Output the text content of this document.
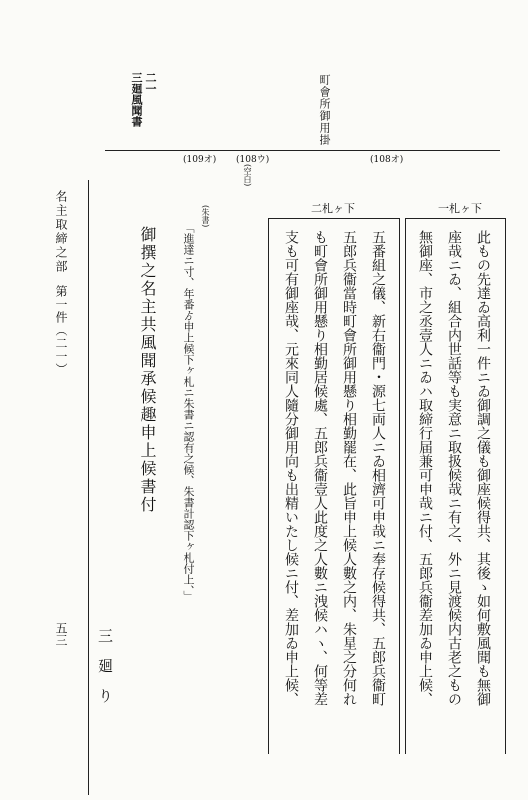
町會所御用掛
二一
三廻風聞書
(108オ)
(108ウ)
(109オ)
(空白)
一札ヶ下
二札ヶ下
此もの先達ゐ高利一件ニゐ御調之儀も御座候得共、其後ゝ如何敷風聞も無御
座哉ニゐ、組合内世話等も実意ニ取扱候哉ニ有之、外ニ見渡候内古老之もの
無御座、市之丞壹人ニゐハ取締行届兼可申哉ニ付、五郎兵衞差加ゐ申上候、
五番組之儀、新右衞門・源七両人ニゐ相濟可申哉ニ奉存候得共、五郎兵衞町
五郎兵衞當時町會所御用懸り相勤罷在、此旨申上候人數之内、朱星之分何れ
も町會所御用懸り相勤居候處、五郎兵衞壹人此度之人數ニ洩候ハヽ、何等差
支も可有御座哉、元來同人隨分御用向も出精いたし候ニ付、差加ゐ申上候、
(朱書)
「進達ニ寸、年番ゟ申上候下ヶ札ニ朱書ニ認有之候、朱書計認下ヶ札付上、」
御撰之名主共風聞承候趣申上候書付
三　廻　り
名主取締之部
第一件（二一）
五三
